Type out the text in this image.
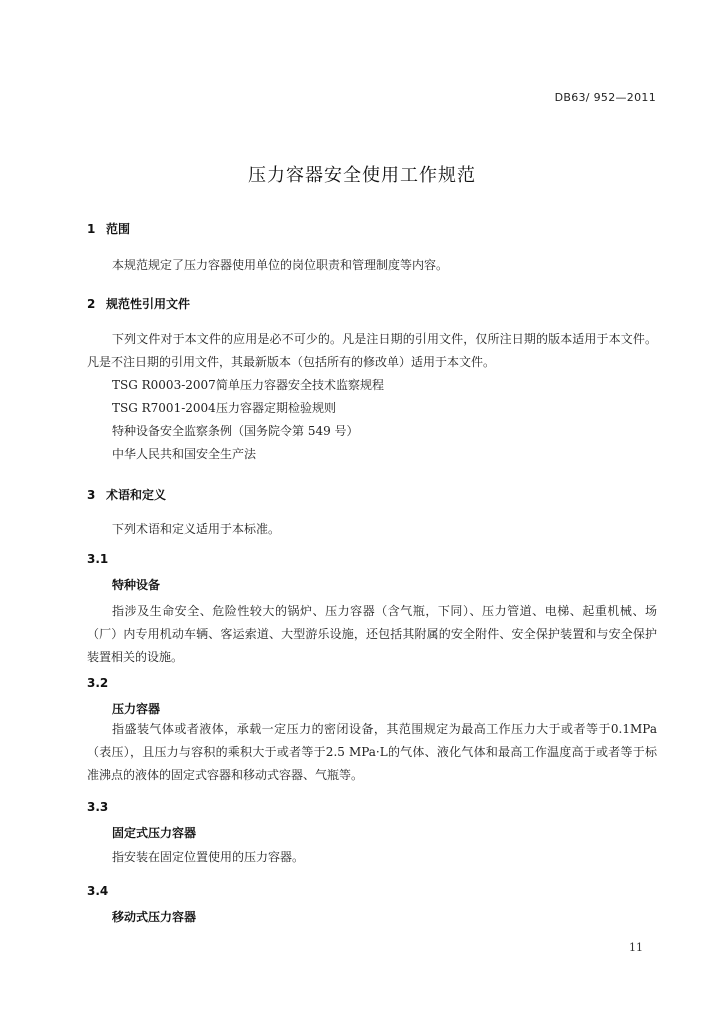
DB63/ 952—2011
压力容器安全使用工作规范
1 范围
本规范规定了压力容器使用单位的岗位职责和管理制度等内容。
2 规范性引用文件
下列文件对于本文件的应用是必不可少的。凡是注日期的引用文件，仅所注日期的版本适用于本文件。凡是不注日期的引用文件，其最新版本（包括所有的修改单）适用于本文件。
TSG R0003-2007简单压力容器安全技术监察规程
TSG R7001-2004压力容器定期检验规则
特种设备安全监察条例（国务院令第 549 号）
中华人民共和国安全生产法
3 术语和定义
下列术语和定义适用于本标准。
3.1
特种设备
指涉及生命安全、危险性较大的锅炉、压力容器（含气瓶，下同）、压力管道、电梯、起重机械、场（厂）内专用机动车辆、客运索道、大型游乐设施，还包括其附属的安全附件、安全保护装置和与安全保护装置相关的设施。
3.2
压力容器
指盛装气体或者液体，承载一定压力的密闭设备，其范围规定为最高工作压力大于或者等于0.1MPa（表压），且压力与容积的乘积大于或者等于2.5 MPa·L的气体、液化气体和最高工作温度高于或者等于标准沸点的液体的固定式容器和移动式容器、气瓶等。
3.3
固定式压力容器
指安装在固定位置使用的压力容器。
3.4
移动式压力容器
11
